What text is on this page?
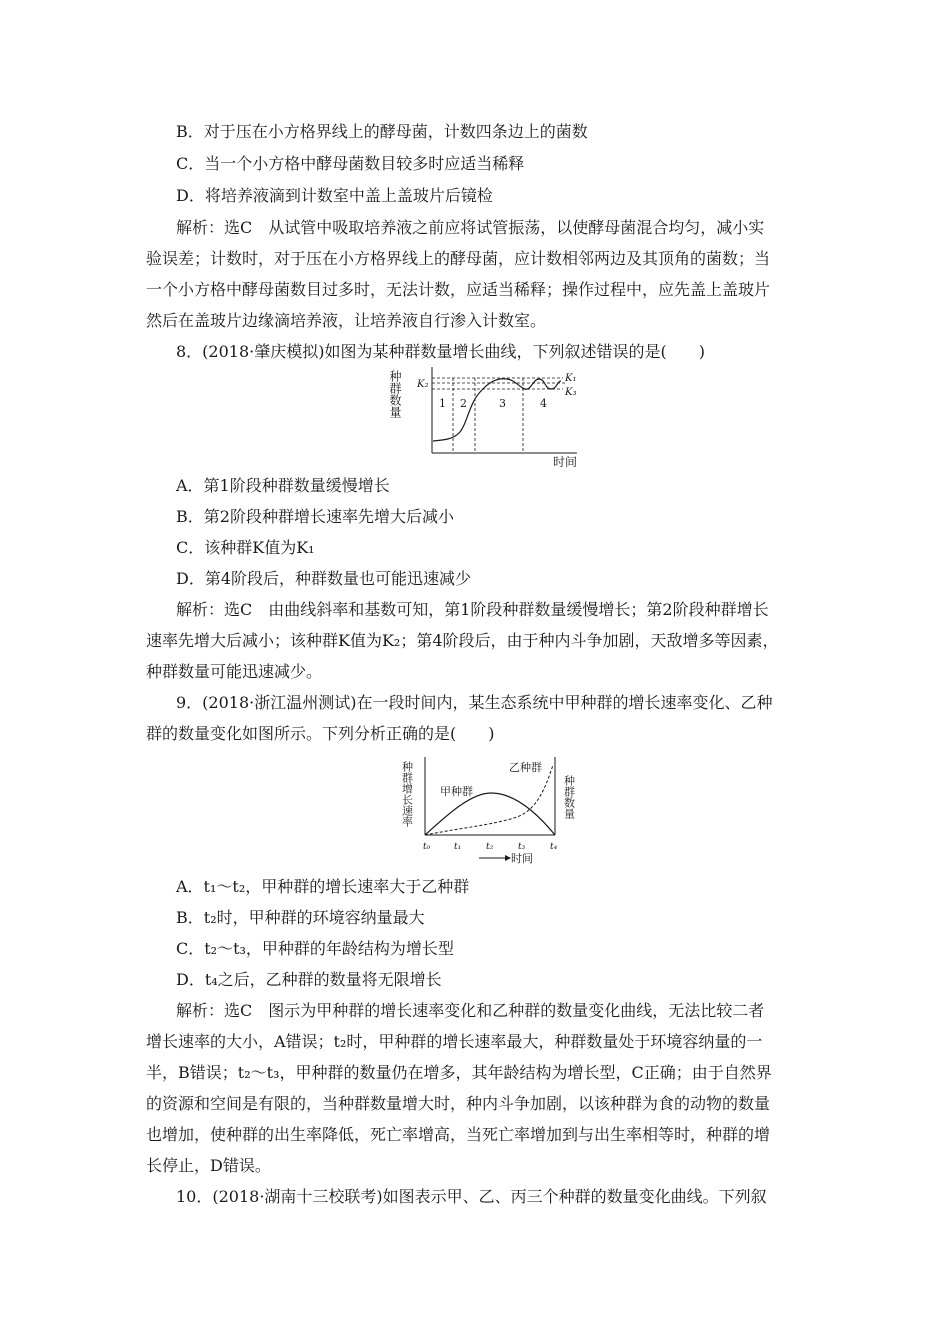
B．对于压在小方格界线上的酵母菌，计数四条边上的菌数
C．当一个小方格中酵母菌数目较多时应适当稀释
D．将培养液滴到计数室中盖上盖玻片后镜检
解析：选C　从试管中吸取培养液之前应将试管振荡，以使酵母菌混合均匀，减小实
验误差；计数时，对于压在小方格界线上的酵母菌，应计数相邻两边及其顶角的菌数；当
一个小方格中酵母菌数目过多时，无法计数，应适当稀释；操作过程中，应先盖上盖玻片
然后在盖玻片边缘滴培养液，让培养液自行渗入计数室。
8．(2018·肇庆模拟)如图为某种群数量增长曲线，下列叙述错误的是(　　)
种群数量 K₂
K₁
K₃
1 2	3	4
时间
A．第1阶段种群数量缓慢增长
B．第2阶段种群增长速率先增大后减小
C．该种群K值为K₁
D．第4阶段后，种群数量也可能迅速减少
解析：选C　由曲线斜率和基数可知，第1阶段种群数量缓慢增长；第2阶段种群增长
速率先增大后减小；该种群K值为K₂；第4阶段后，由于种内斗争加剧，天敌增多等因素，
种群数量可能迅速减少。
9．(2018·浙江温州测试)在一段时间内，某生态系统中甲种群的增长速率变化、乙种
群的数量变化如图所示。下列分析正确的是(　　)
种群增长速率	种群数量
甲种群
乙种群
t₀	t₁	t₂	t₃	t₄
时间
A．t₁～t₂，甲种群的增长速率大于乙种群
B．t₂时，甲种群的环境容纳量最大
C．t₂～t₃，甲种群的年龄结构为增长型
D．t₄之后，乙种群的数量将无限增长
解析：选C　图示为甲种群的增长速率变化和乙种群的数量变化曲线，无法比较二者
增长速率的大小，A错误；t₂时，甲种群的增长速率最大，种群数量处于环境容纳量的一
半，B错误；t₂～t₃，甲种群的数量仍在增多，其年龄结构为增长型，C正确；由于自然界
的资源和空间是有限的，当种群数量增大时，种内斗争加剧，以该种群为食的动物的数量
也增加，使种群的出生率降低，死亡率增高，当死亡率增加到与出生率相等时，种群的增
长停止，D错误。
10．(2018·湖南十三校联考)如图表示甲、乙、丙三个种群的数量变化曲线。下列叙
